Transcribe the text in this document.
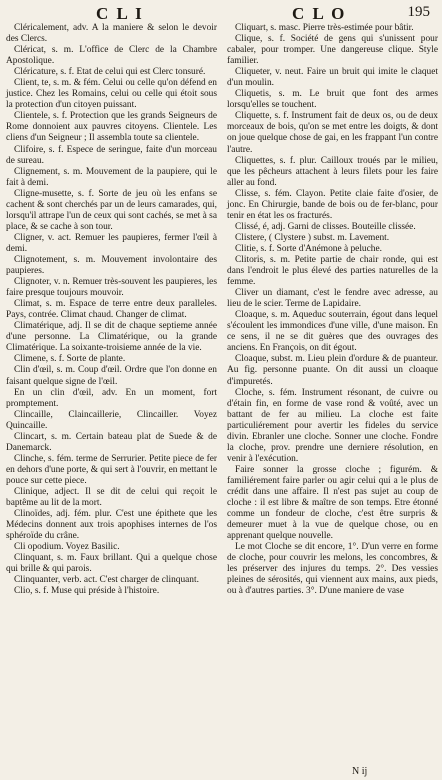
C L I	C L O	195

Cléricalement, adv. A la maniere & selon le devoir des Clercs.

Cléricat, s. m. L'office de Clerc de la Chambre Apostolique.

Cléricature, s. f. Etat de celui qui est Clerc tonsuré.

Client, te, s. m. & fém. Celui ou celle qu'on défend en justice. Chez les Romains, celui ou celle qui étoit sous la protection d'un citoyen puissant.

Clientele, s. f. Protection que les grands Seigneurs de Rome donnoient aux pauvres citoyens. Clientele. Les cliens d'un Seigneur ; Il assembla toute sa clientele.

Clifoire, s. f. Espece de seringue, faite d'un morceau de sureau.

Clignement, s. m. Mouvement de la paupiere, qui le fait à demi.

Cligne-musette, s. f. Sorte de jeu où les enfans se cachent & sont cherchés par un de leurs camarades, qui, lorsqu'il attrape l'un de ceux qui sont cachés, se met à sa place, & se cache à son tour.

Cligner, v. act. Remuer les paupieres, fermer l'œil à demi.

Clignotement, s. m. Mouvement involontaire des paupieres.

Clignoter, v. n. Remuer très-souvent les paupieres, les faire presque toujours mouvoir.

Climat, s. m. Espace de terre entre deux paralleles. Pays, contrée. Climat chaud. Changer de climat.

Climatérique, adj. Il se dit de chaque septieme année d'une personne. La Climatérique, ou la grande Climatérique. La soixante-troisieme année de la vie.

Climene, s. f. Sorte de plante.

Clin d'œil, s. m. Coup d'œil. Ordre que l'on donne en faisant quelque signe de l'œil.

En un clin d'œil, adv. En un moment, fort promptement.

Clincaille, Claincaillerie, Clincailler. Voyez Quincaille.

Clincart, s. m. Certain bateau plat de Suede & de Danemarck.

Clinche, s. fém. terme de Serrurier. Petite piece de fer en dehors d'une porte, & qui sert à l'ouvrir, en mettant le pouce sur cette piece.

Clinique, adject. Il se dit de celui qui reçoit le baptême au lit de la mort.

Clinoïdes, adj. fém. plur. C'est une épithete que les Médecins donnent aux trois apophises internes de l'os sphéroïde du crâne.

Cli opodium. Voyez Basilic.

Clinquant, s. m. Faux brillant. Qui a quelque chose qui brille & qui parois.

Clinquanter, verb. act. C'est charger de clinquant.

Clio, s. f. Muse qui préside à l'histoire.

Cliquart, s. masc. Pierre très-estimée pour bâtir.

Clique, s. f. Société de gens qui s'unissent pour cabaler, pour tromper. Une dangereuse clique. Style familier.

Cliqueter, v. neut. Faire un bruit qui imite le claquet d'un moulin.

Cliquetis, s. m. Le bruit que font des armes lorsqu'elles se touchent.

Cliquette, s. f. Instrument fait de deux os, ou de deux morceaux de bois, qu'on se met entre les doigts, & dont on joue quelque chose de gai, en les frappant l'un contre l'autre.

Cliquettes, s. f. plur. Cailloux troués par le milieu, que les pêcheurs attachent à leurs filets pour les faire aller au fond.

Clisse, s. fém. Clayon. Petite claie faite d'osier, de jonc. En Chirurgie, bande de bois ou de fer-blanc, pour tenir en état les os fracturés.

Clissé, é, adj. Garni de clisses. Bouteille clissée.

Clistere, ( Clystere ) subst. m. Lavement.

Clitie, s. f. Sorte d'Anémone à peluche.

Clitoris, s. m. Petite partie de chair ronde, qui est dans l'endroit le plus élevé des parties naturelles de la femme.

Cliver un diamant, c'est le fendre avec adresse, au lieu de le scier. Terme de Lapidaire.

Cloaque, s. m. Aqueduc souterrain, égout dans lequel s'écoulent les immondices d'une ville, d'une maison. En ce sens, il ne se dit guères que des ouvrages des anciens. En François, on dit égout.

Cloaque, subst. m. Lieu plein d'ordure & de puanteur. Au fig. personne puante. On dit aussi un cloaque d'impuretés.

Cloche, s. fém. Instrument résonant, de cuivre ou d'étain fin, en forme de vase rond & voûté, avec un battant de fer au milieu. La cloche est faite particuliérement pour avertir les fideles du service divin. Ebranler une cloche. Sonner une cloche. Fondre la cloche, prov. prendre une derniere résolution, en venir à l'exécution.

Faire sonner la grosse cloche ; figurém. & familiérement faire parler ou agir celui qui a le plus de crédit dans une affaire. Il n'est pas sujet au coup de cloche : il est libre & maître de son temps. Etre étonné comme un fondeur de cloche, c'est être surpris & demeurer muet à la vue de quelque chose, ou en apprenant quelque nouvelle.

Le mot Cloche se dit encore, 1°. D'un verre en forme de cloche, pour couvrir les melons, les concombres, & les préserver des injures du temps. 2°. Des vessies pleines de sérosités, qui viennent aux mains, aux pieds, ou à d'autres parties. 3°. D'une maniere de vase

N ij
